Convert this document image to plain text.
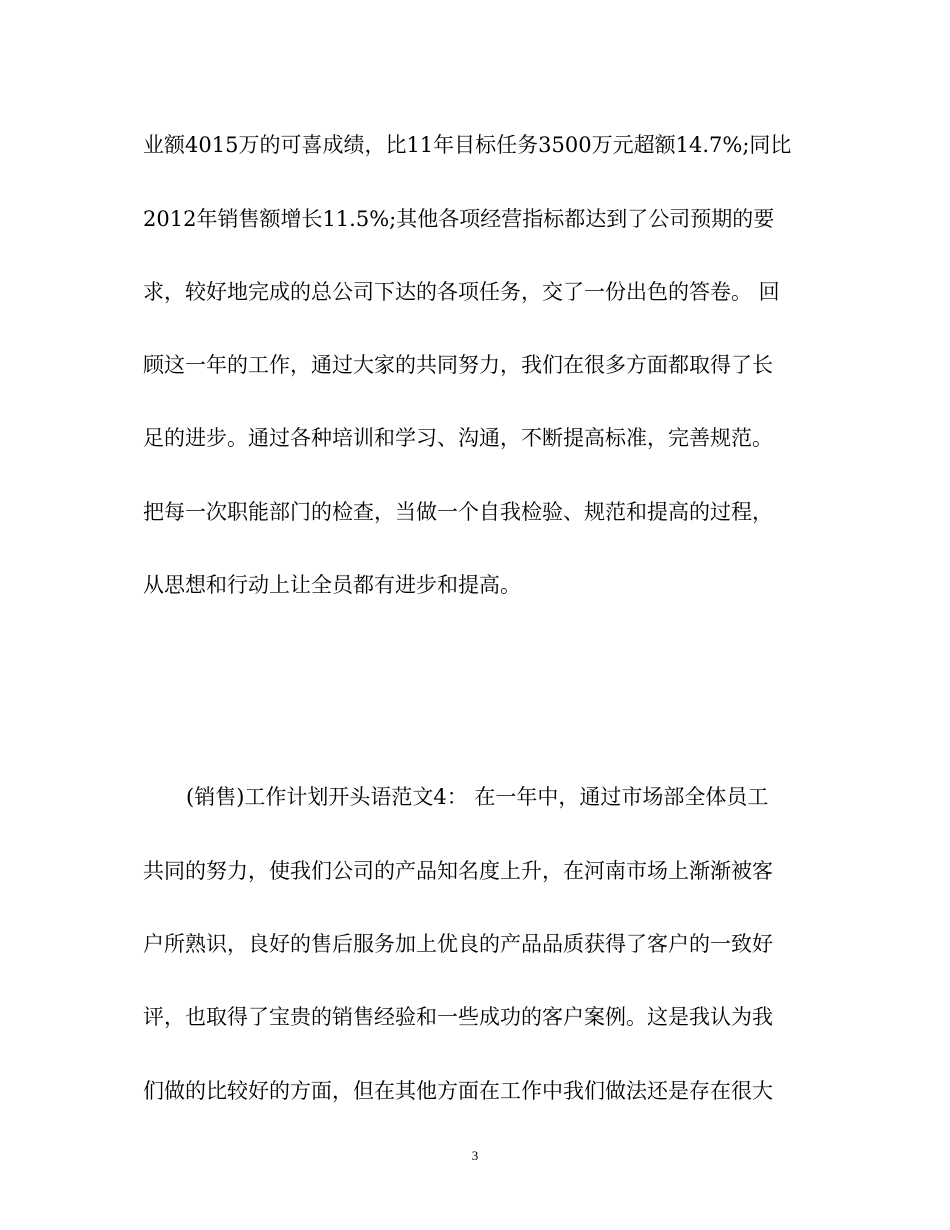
业额4015万的可喜成绩，比11年目标任务3500万元超额14.7%;同比
2012年销售额增长11.5%;其他各项经营指标都达到了公司预期的要
求，较好地完成的总公司下达的各项任务，交了一份出色的答卷。 回
顾这一年的工作，通过大家的共同努力，我们在很多方面都取得了长
足的进步。通过各种培训和学习、沟通，不断提高标准，完善规范。
把每一次职能部门的检查，当做一个自我检验、规范和提高的过程，
从思想和行动上让全员都有进步和提高。
(销售)工作计划开头语范文4： 在一年中，通过市场部全体员工
共同的努力，使我们公司的产品知名度上升，在河南市场上渐渐被客
户所熟识，良好的售后服务加上优良的产品品质获得了客户的一致好
评，也取得了宝贵的销售经验和一些成功的客户案例。这是我认为我
们做的比较好的方面，但在其他方面在工作中我们做法还是存在很大
3
